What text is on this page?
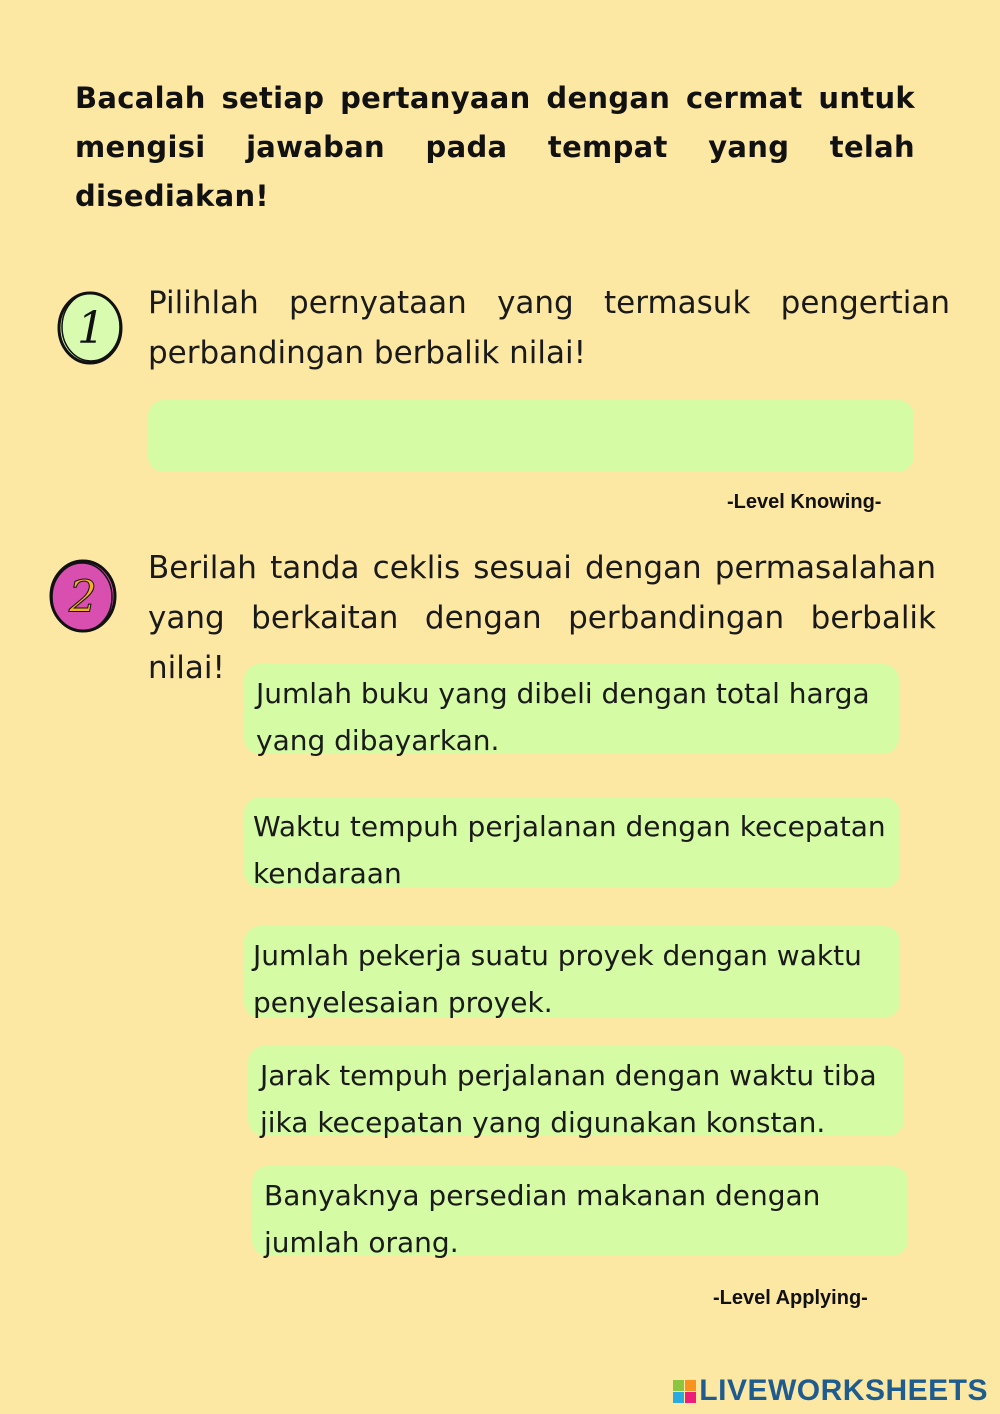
Bacalah setiap pertanyaan dengan cermat untuk mengisi jawaban pada tempat yang telah disediakan!
1 Pilihlah pernyataan yang termasuk pengertian perbandingan berbalik nilai!
-Level Knowing-
2
Berilah tanda ceklis sesuai dengan permasalahan yang berkaitan dengan perbandingan berbalik nilai!
Jumlah buku yang dibeli dengan total harga yang dibayarkan.
Waktu tempuh perjalanan dengan kecepatan kendaraan
Jumlah pekerja suatu proyek dengan waktu penyelesaian proyek.
Jarak tempuh perjalanan dengan waktu tiba jika kecepatan yang digunakan konstan.
Banyaknya persedian makanan dengan jumlah orang.
-Level Applying-
LIVEWORKSHEETS
